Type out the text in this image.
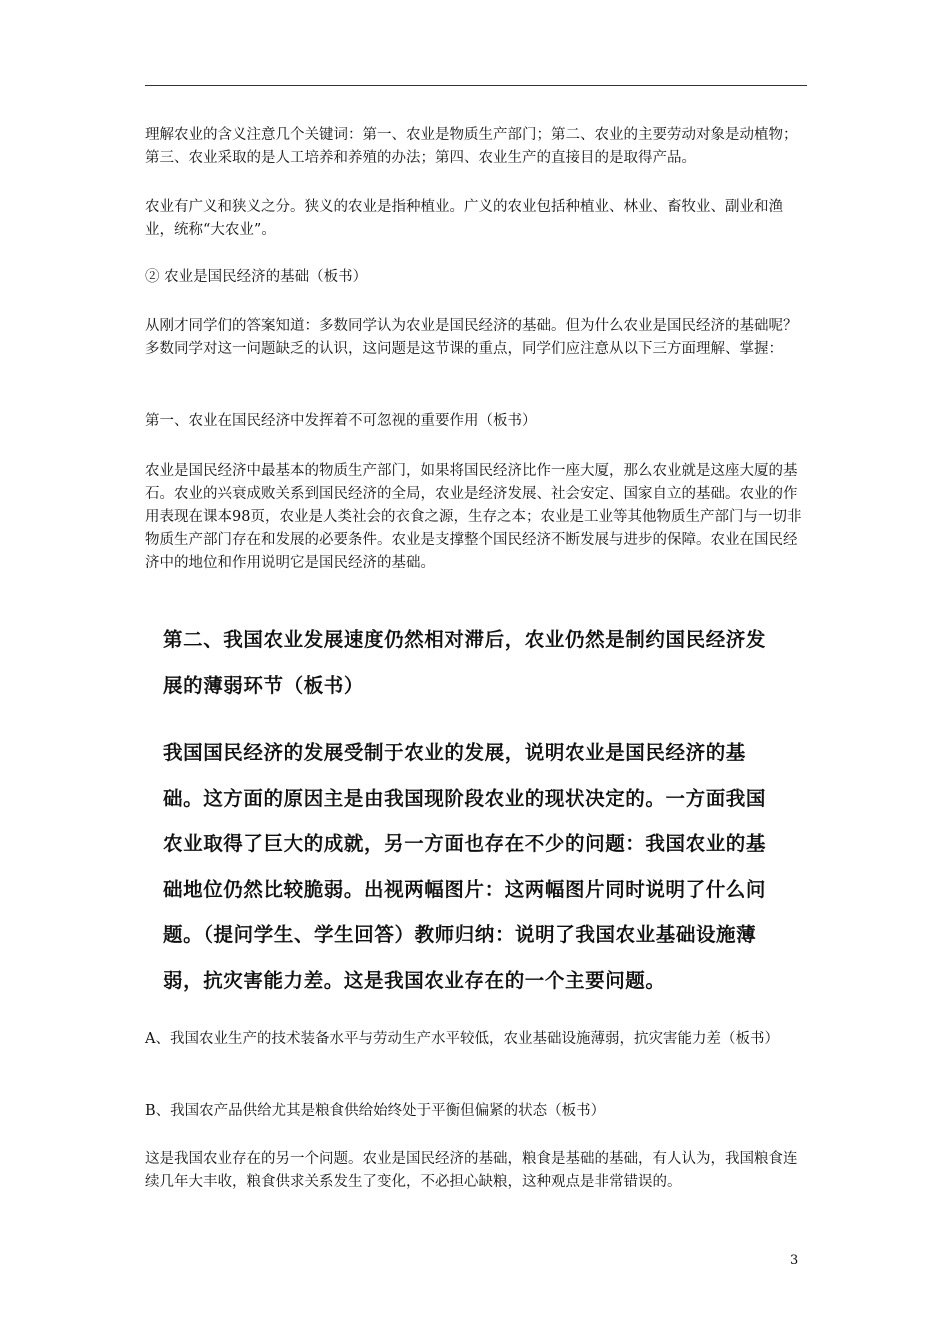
理解农业的含义注意几个关键词：第一、农业是物质生产部门；第二、农业的主要劳动对象是动植物；第三、农业采取的是人工培养和养殖的办法；第四、农业生产的直接目的是取得产品。

农业有广义和狭义之分。狭义的农业是指种植业。广义的农业包括种植业、林业、畜牧业、副业和渔业，统称“大农业”。

② 农业是国民经济的基础（板书）

从刚才同学们的答案知道：多数同学认为农业是国民经济的基础。但为什么农业是国民经济的基础呢？多数同学对这一问题缺乏的认识，这问题是这节课的重点，同学们应注意从以下三方面理解、掌握：

第一、农业在国民经济中发挥着不可忽视的重要作用（板书）

农业是国民经济中最基本的物质生产部门，如果将国民经济比作一座大厦，那么农业就是这座大厦的基石。农业的兴衰成败关系到国民经济的全局，农业是经济发展、社会安定、国家自立的基础。农业的作用表现在课本98页，农业是人类社会的衣食之源，生存之本；农业是工业等其他物质生产部门与一切非物质生产部门存在和发展的必要条件。农业是支撑整个国民经济不断发展与进步的保障。农业在国民经济中的地位和作用说明它是国民经济的基础。

第二、我国农业发展速度仍然相对滞后，农业仍然是制约国民经济发展的薄弱环节（板书）

我国国民经济的发展受制于农业的发展，说明农业是国民经济的基础。这方面的原因主是由我国现阶段农业的现状决定的。一方面我国农业取得了巨大的成就，另一方面也存在不少的问题：我国农业的基础地位仍然比较脆弱。出视两幅图片：这两幅图片同时说明了什么问题。（提问学生、学生回答）教师归纳：说明了我国农业基础设施薄弱，抗灾害能力差。这是我国农业存在的一个主要问题。

A、我国农业生产的技术装备水平与劳动生产水平较低，农业基础设施薄弱，抗灾害能力差（板书）

B、我国农产品供给尤其是粮食供给始终处于平衡但偏紧的状态（板书）

这是我国农业存在的另一个问题。农业是国民经济的基础，粮食是基础的基础，有人认为，我国粮食连续几年大丰收，粮食供求关系发生了变化，不必担心缺粮，这种观点是非常错误的。

3
